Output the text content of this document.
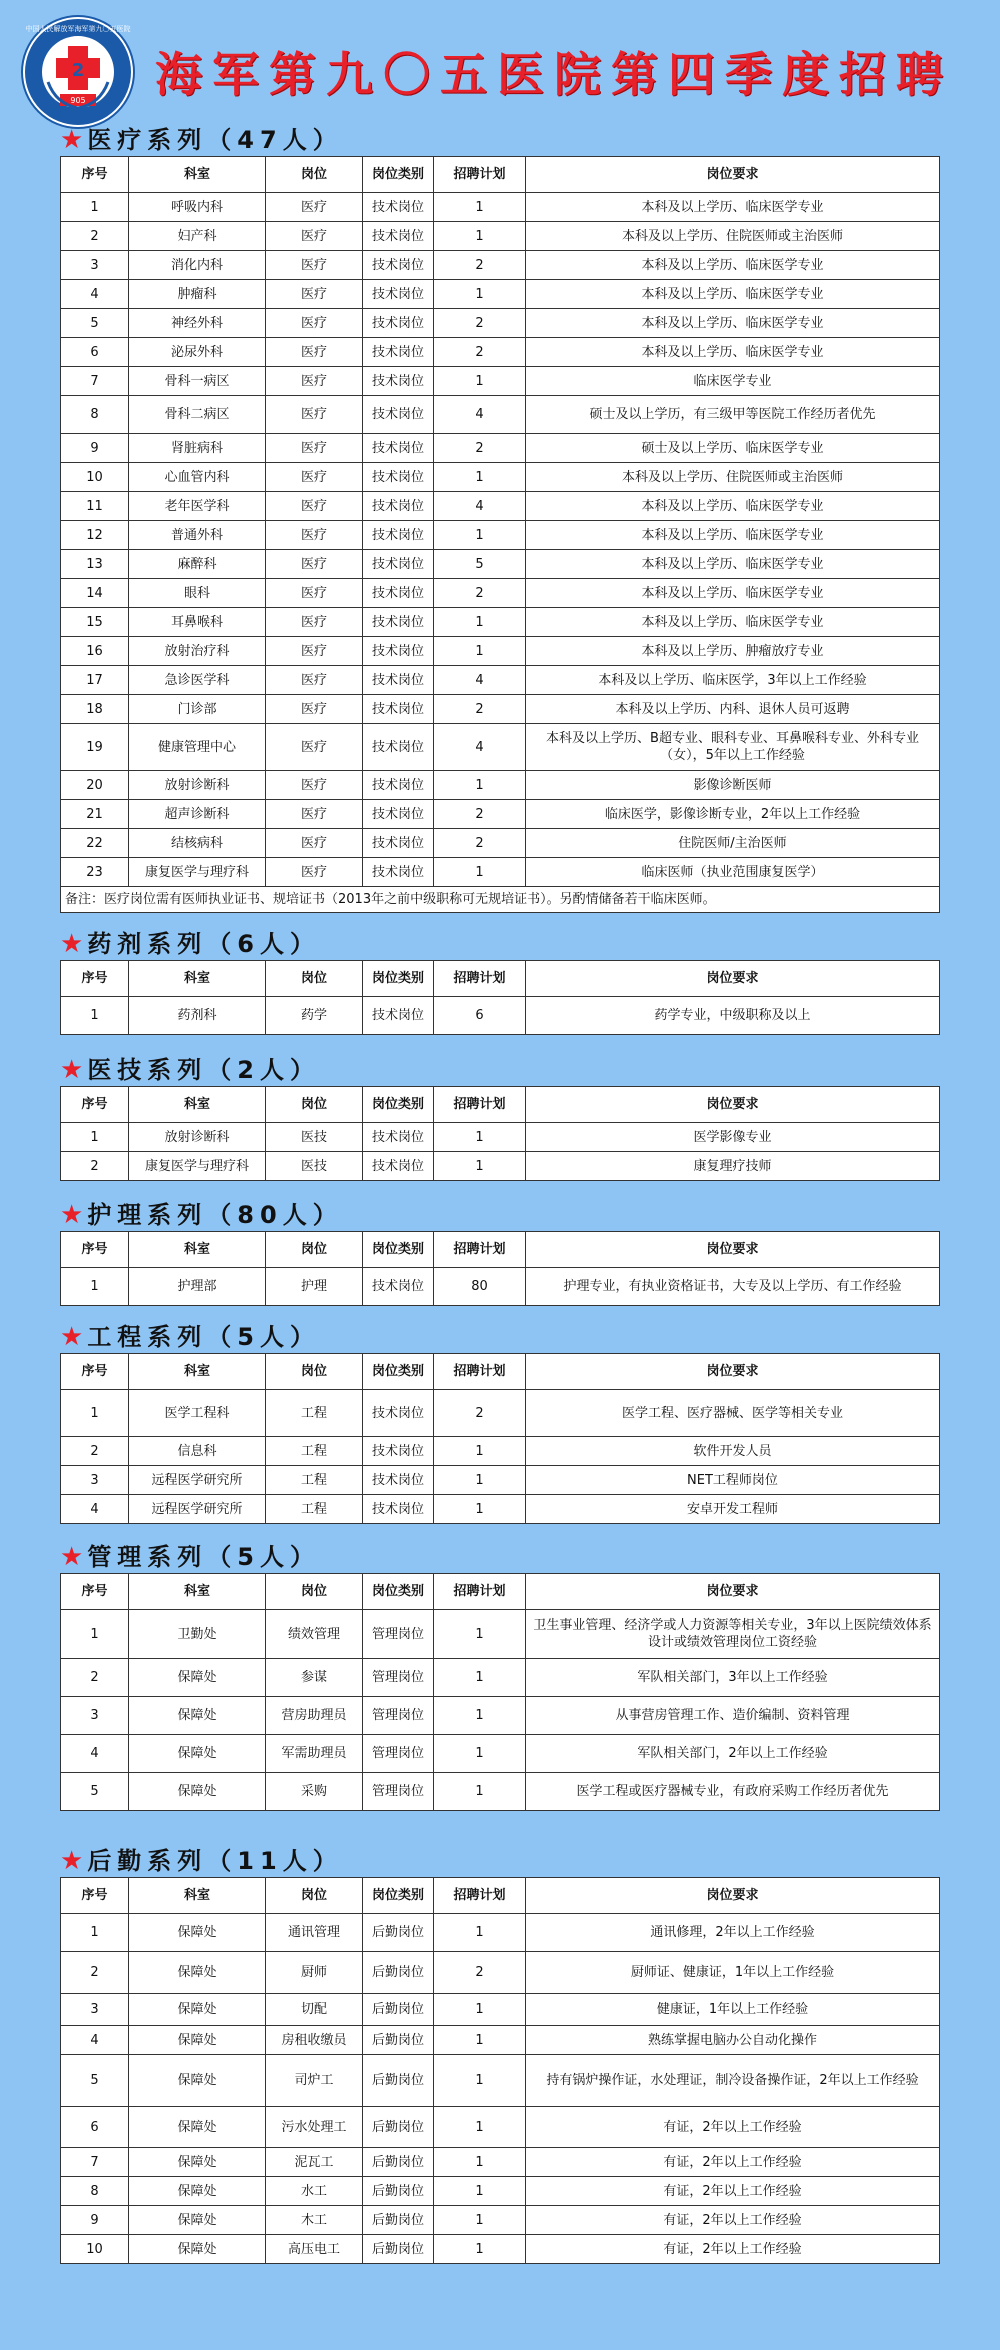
2
905
中国人民解放军海军第九〇五医院
海军第九〇五医院第四季度招聘
★ 医疗系列（47人）
序号	科室	岗位	岗位类别	招聘计划	岗位要求
1	呼吸内科	医疗	技术岗位	1	本科及以上学历、临床医学专业
2	妇产科	医疗	技术岗位	1	本科及以上学历、住院医师或主治医师
3	消化内科	医疗	技术岗位	2	本科及以上学历、临床医学专业
4	肿瘤科	医疗	技术岗位	1	本科及以上学历、临床医学专业
5	神经外科	医疗	技术岗位	2	本科及以上学历、临床医学专业
6	泌尿外科	医疗	技术岗位	2	本科及以上学历、临床医学专业
7	骨科一病区	医疗	技术岗位	1	临床医学专业
8	骨科二病区	医疗	技术岗位	4	硕士及以上学历，有三级甲等医院工作经历者优先
9	肾脏病科	医疗	技术岗位	2	硕士及以上学历、临床医学专业
10	心血管内科	医疗	技术岗位	1	本科及以上学历、住院医师或主治医师
11	老年医学科	医疗	技术岗位	4	本科及以上学历、临床医学专业
12	普通外科	医疗	技术岗位	1	本科及以上学历、临床医学专业
13	麻醉科	医疗	技术岗位	5	本科及以上学历、临床医学专业
14	眼科	医疗	技术岗位	2	本科及以上学历、临床医学专业
15	耳鼻喉科	医疗	技术岗位	1	本科及以上学历、临床医学专业
16	放射治疗科	医疗	技术岗位	1	本科及以上学历、肿瘤放疗专业
17	急诊医学科	医疗	技术岗位	4	本科及以上学历、临床医学，3年以上工作经验
18	门诊部	医疗	技术岗位	2	本科及以上学历、内科、退休人员可返聘
19	健康管理中心	医疗	技术岗位	4	本科及以上学历、B超专业、眼科专业、耳鼻喉科专业、外科专业（女），5年以上工作经验
20	放射诊断科	医疗	技术岗位	1	影像诊断医师
21	超声诊断科	医疗	技术岗位	2	临床医学，影像诊断专业，2年以上工作经验
22	结核病科	医疗	技术岗位	2	住院医师/主治医师
23	康复医学与理疗科	医疗	技术岗位	1	临床医师（执业范围康复医学）
备注：医疗岗位需有医师执业证书、规培证书（2013年之前中级职称可无规培证书）。另酌情储备若干临床医师。					
★ 药剂系列（6人）
序号	科室	岗位	岗位类别	招聘计划	岗位要求
1	药剂科	药学	技术岗位	6	药学专业，中级职称及以上
★ 医技系列（2人）
序号	科室	岗位	岗位类别	招聘计划	岗位要求
1	放射诊断科	医技	技术岗位	1	医学影像专业
2	康复医学与理疗科	医技	技术岗位	1	康复理疗技师
★ 护理系列（80人）
序号	科室	岗位	岗位类别	招聘计划	岗位要求
1	护理部	护理	技术岗位	80	护理专业，有执业资格证书，大专及以上学历、有工作经验
★ 工程系列（5人）
序号	科室	岗位	岗位类别	招聘计划	岗位要求
1	医学工程科	工程	技术岗位	2	医学工程、医疗器械、医学等相关专业
2	信息科	工程	技术岗位	1	软件开发人员
3	远程医学研究所	工程	技术岗位	1	NET工程师岗位
4	远程医学研究所	工程	技术岗位	1	安卓开发工程师
★ 管理系列（5人）
序号	科室	岗位	岗位类别	招聘计划	岗位要求
1	卫勤处	绩效管理	管理岗位	1	卫生事业管理、经济学或人力资源等相关专业，3年以上医院绩效体系设计或绩效管理岗位工资经验
2	保障处	参谋	管理岗位	1	军队相关部门，3年以上工作经验
3	保障处	营房助理员	管理岗位	1	从事营房管理工作、造价编制、资料管理
4	保障处	军需助理员	管理岗位	1	军队相关部门，2年以上工作经验
5	保障处	采购	管理岗位	1	医学工程或医疗器械专业，有政府采购工作经历者优先
★ 后勤系列（11人）
序号	科室	岗位	岗位类别	招聘计划	岗位要求
1	保障处	通讯管理	后勤岗位	1	通讯修理，2年以上工作经验
2	保障处	厨师	后勤岗位	2	厨师证、健康证，1年以上工作经验
3	保障处	切配	后勤岗位	1	健康证，1年以上工作经验
4	保障处	房租收缴员	后勤岗位	1	熟练掌握电脑办公自动化操作
5	保障处	司炉工	后勤岗位	1	持有锅炉操作证，水处理证，制冷设备操作证，2年以上工作经验
6	保障处	污水处理工	后勤岗位	1	有证，2年以上工作经验
7	保障处	泥瓦工	后勤岗位	1	有证，2年以上工作经验
8	保障处	水工	后勤岗位	1	有证，2年以上工作经验
9	保障处	木工	后勤岗位	1	有证，2年以上工作经验
10	保障处	高压电工	后勤岗位	1	有证，2年以上工作经验
